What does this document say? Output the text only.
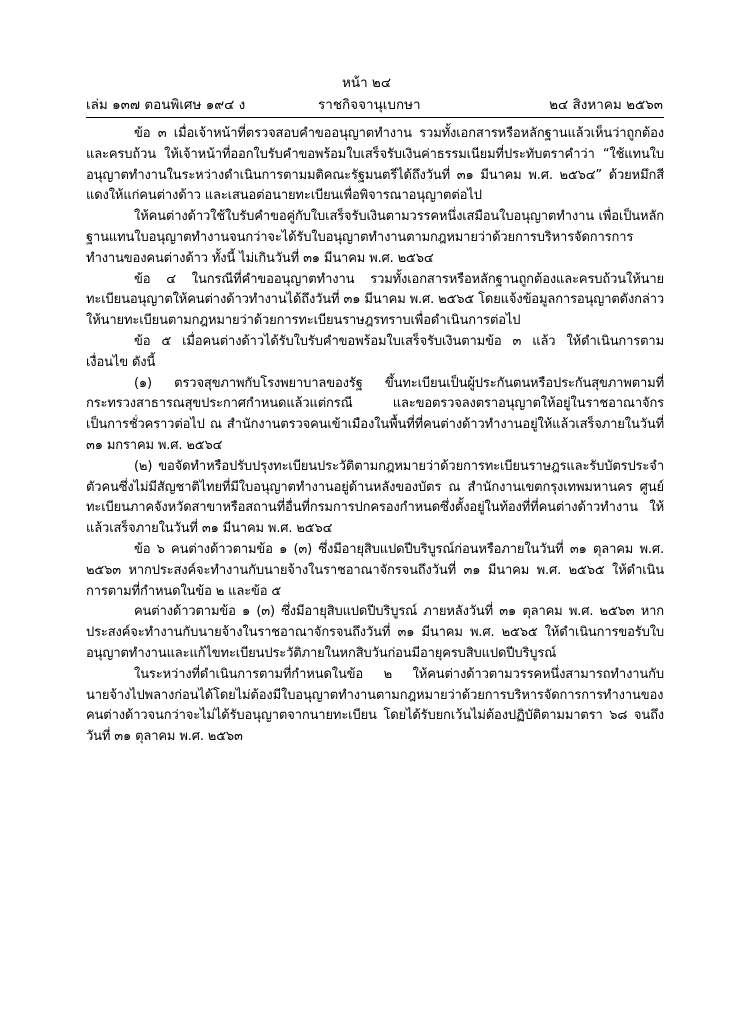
หน้า ๒๔
เล่ม ๑๓๗ ตอนพิเศษ ๑๙๔ ง	ราชกิจจานุเบกษา	๒๔ สิงหาคม ๒๕๖๓

ข้อ ๓ เมื่อเจ้าหน้าที่ตรวจสอบคำขออนุญาตทำงาน รวมทั้งเอกสารหรือหลักฐานแล้วเห็นว่าถูกต้องและครบถ้วน ให้เจ้าหน้าที่ออกใบรับคำขอพร้อมใบเสร็จรับเงินค่าธรรมเนียมที่ประทับตราคำว่า “ใช้แทนใบอนุญาตทำงานในระหว่างดำเนินการตามมติคณะรัฐมนตรีได้ถึงวันที่ ๓๑ มีนาคม พ.ศ. ๒๕๖๔” ด้วยหมึกสีแดงให้แก่คนต่างด้าว และเสนอต่อนายทะเบียนเพื่อพิจารณาอนุญาตต่อไป

ให้คนต่างด้าวใช้ใบรับคำขอคู่กับใบเสร็จรับเงินตามวรรคหนึ่งเสมือนใบอนุญาตทำงาน เพื่อเป็นหลักฐานแทนใบอนุญาตทำงานจนกว่าจะได้รับใบอนุญาตทำงานตามกฎหมายว่าด้วยการบริหารจัดการการทำงานของคนต่างด้าว ทั้งนี้ ไม่เกินวันที่ ๓๑ มีนาคม พ.ศ. ๒๕๖๔

ข้อ ๔ ในกรณีที่คำขออนุญาตทำงาน รวมทั้งเอกสารหรือหลักฐานถูกต้องและครบถ้วนให้นายทะเบียนอนุญาตให้คนต่างด้าวทำงานได้ถึงวันที่ ๓๑ มีนาคม พ.ศ. ๒๕๖๕ โดยแจ้งข้อมูลการอนุญาตดังกล่าวให้นายทะเบียนตามกฎหมายว่าด้วยการทะเบียนราษฎรทราบเพื่อดำเนินการต่อไป

ข้อ ๕ เมื่อคนต่างด้าวได้รับใบรับคำขอพร้อมใบเสร็จรับเงินตามข้อ ๓ แล้ว ให้ดำเนินการตามเงื่อนไข ดังนี้

(๑) ตรวจสุขภาพกับโรงพยาบาลของรัฐ ขึ้นทะเบียนเป็นผู้ประกันตนหรือประกันสุขภาพตามที่กระทรวงสาธารณสุขประกาศกำหนดแล้วแต่กรณี และขอตรวจลงตราอนุญาตให้อยู่ในราชอาณาจักรเป็นการชั่วคราวต่อไป ณ สำนักงานตรวจคนเข้าเมืองในพื้นที่ที่คนต่างด้าวทำงานอยู่ให้แล้วเสร็จภายในวันที่ ๓๑ มกราคม พ.ศ. ๒๕๖๔

(๒) ขอจัดทำหรือปรับปรุงทะเบียนประวัติตามกฎหมายว่าด้วยการทะเบียนราษฎรและรับบัตรประจำตัวคนซึ่งไม่มีสัญชาติไทยที่มีใบอนุญาตทำงานอยู่ด้านหลังของบัตร ณ สำนักงานเขตกรุงเทพมหานคร ศูนย์ทะเบียนภาคจังหวัดสาขาหรือสถานที่อื่นที่กรมการปกครองกำหนดซึ่งตั้งอยู่ในท้องที่ที่คนต่างด้าวทำงาน ให้แล้วเสร็จภายในวันที่ ๓๑ มีนาคม พ.ศ. ๒๕๖๔

ข้อ ๖ คนต่างด้าวตามข้อ ๑ (๓) ซึ่งมีอายุสิบแปดปีบริบูรณ์ก่อนหรือภายในวันที่ ๓๑ ตุลาคม พ.ศ. ๒๕๖๓ หากประสงค์จะทำงานกับนายจ้างในราชอาณาจักรจนถึงวันที่ ๓๑ มีนาคม พ.ศ. ๒๕๖๕ ให้ดำเนินการตามที่กำหนดในข้อ ๒ และข้อ ๕

คนต่างด้าวตามข้อ ๑ (๓) ซึ่งมีอายุสิบแปดปีบริบูรณ์ ภายหลังวันที่ ๓๑ ตุลาคม พ.ศ. ๒๕๖๓ หากประสงค์จะทำงานกับนายจ้างในราชอาณาจักรจนถึงวันที่ ๓๑ มีนาคม พ.ศ. ๒๕๖๕ ให้ดำเนินการขอรับใบอนุญาตทำงานและแก้ไขทะเบียนประวัติภายในหกสิบวันก่อนมีอายุครบสิบแปดปีบริบูรณ์

ในระหว่างที่ดำเนินการตามที่กำหนดในข้อ ๒ ให้คนต่างด้าวตามวรรคหนึ่งสามารถทำงานกับนายจ้างไปพลางก่อนได้โดยไม่ต้องมีใบอนุญาตทำงานตามกฎหมายว่าด้วยการบริหารจัดการการทำงานของคนต่างด้าวจนกว่าจะไม่ได้รับอนุญาตจากนายทะเบียน โดยได้รับยกเว้นไม่ต้องปฏิบัติตามมาตรา ๖๘ จนถึงวันที่ ๓๑ ตุลาคม พ.ศ. ๒๕๖๓
